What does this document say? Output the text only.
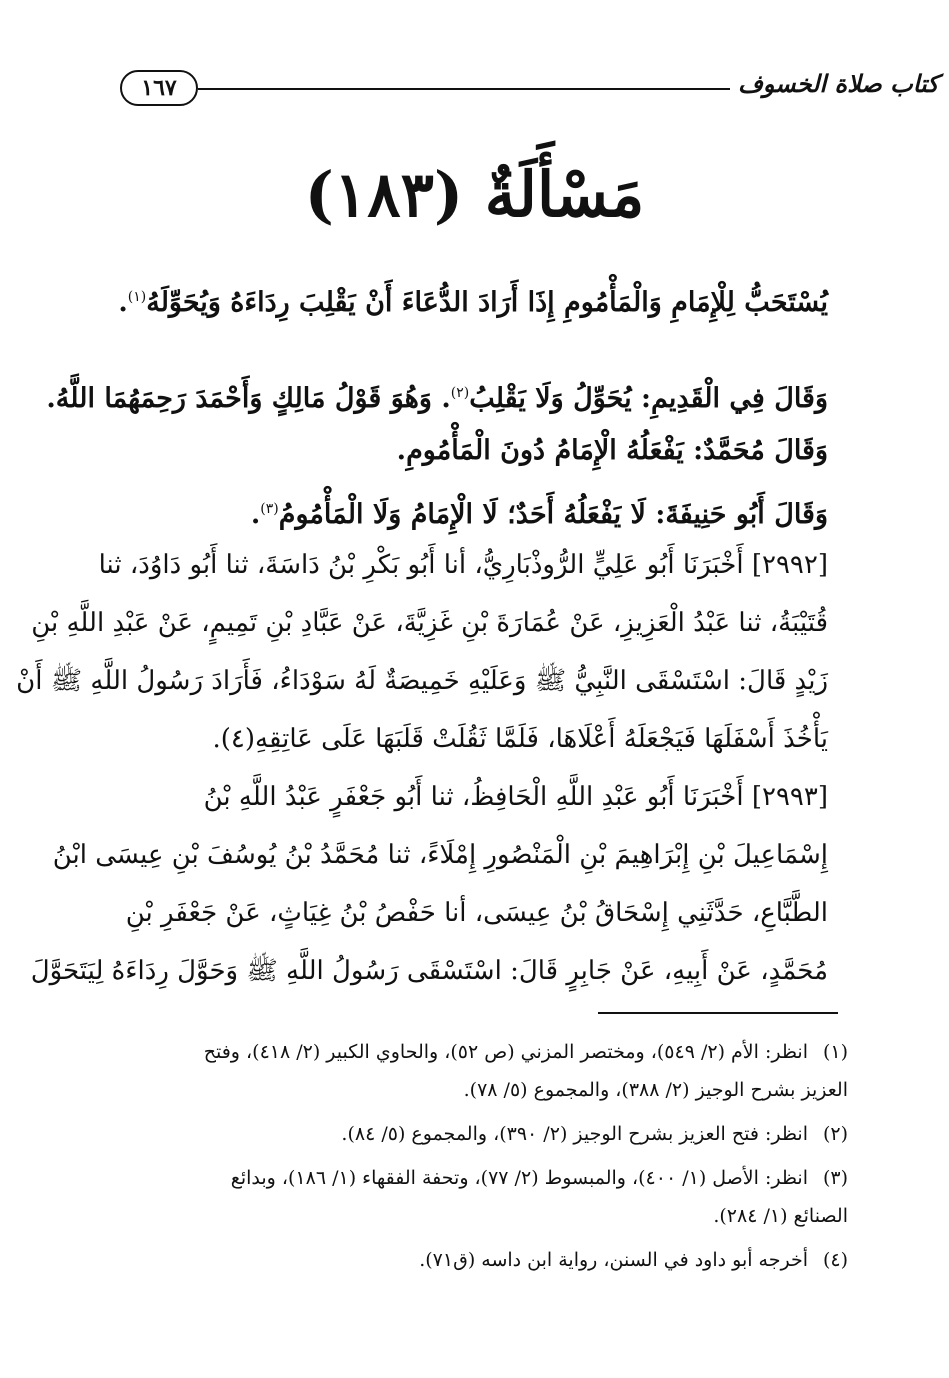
١٦٧	كتاب صلاة الخسوف
مَسْأَلَةٌ (١٨٣)
يُسْتَحَبُّ لِلْإِمَامِ وَالْمَأْمُومِ إِذَا أَرَادَ الدُّعَاءَ أَنْ يَقْلِبَ رِدَاءَهُ وَيُحَوِّلَهُ$^{(١)}$.
وَقَالَ فِي الْقَدِيمِ: يُحَوِّلُ وَلَا يَقْلِبُ$^{(٢)}$. وَهُوَ قَوْلُ مَالِكٍ وَأَحْمَدَ رَحِمَهُمَا اللَّهُ.
وَقَالَ مُحَمَّدٌ: يَفْعَلُهُ الْإِمَامُ دُونَ الْمَأْمُومِ.
وَقَالَ أَبُو حَنِيفَةَ: لَا يَفْعَلُهُ أَحَدٌ؛ لَا الْإِمَامُ وَلَا الْمَأْمُومُ$^{(٣)}$.
[٢٩٩٢] أَخْبَرَنَا أَبُو عَلِيٍّ الرُّوذْبَارِيُّ، أنا أَبُو بَكْرِ بْنُ دَاسَةَ، ثنا أَبُو دَاوُدَ، ثنا
قُتَيْبَةُ، ثنا عَبْدُ الْعَزِيزِ، عَنْ عُمَارَةَ بْنِ غَزِيَّةَ، عَنْ عَبَّادِ بْنِ تَمِيمٍ، عَنْ عَبْدِ اللَّهِ بْنِ
زَيْدٍ قَالَ: اسْتَسْقَى النَّبِيُّ ﷺ وَعَلَيْهِ خَمِيصَةٌ لَهُ سَوْدَاءُ، فَأَرَادَ رَسُولُ اللَّهِ ﷺ أَنْ
يَأْخُذَ أَسْفَلَهَا فَيَجْعَلَهُ أَعْلَاهَا، فَلَمَّا ثَقُلَتْ قَلَبَهَا عَلَى عَاتِقِهِ(٤).
[٢٩٩٣] أَخْبَرَنَا أَبُو عَبْدِ اللَّهِ الْحَافِظُ، ثنا أَبُو جَعْفَرٍ عَبْدُ اللَّهِ بْنُ
إِسْمَاعِيلَ بْنِ إِبْرَاهِيمَ بْنِ الْمَنْصُورِ إِمْلَاءً، ثنا مُحَمَّدُ بْنُ يُوسُفَ بْنِ عِيسَى ابْنُ
الطَّبَّاعِ، حَدَّثَنِي إِسْحَاقُ بْنُ عِيسَى، أنا حَفْصُ بْنُ غِيَاثٍ، عَنْ جَعْفَرِ بْنِ
مُحَمَّدٍ، عَنْ أَبِيهِ، عَنْ جَابِرٍ قَالَ: اسْتَسْقَى رَسُولُ اللَّهِ ﷺ وَحَوَّلَ رِدَاءَهُ لِيَتَحَوَّلَ
(١)انظر: الأم (٢/ ٥٤٩)، ومختصر المزني (ص ٥٢)، والحاوي الكبير (٢/ ٤١٨)، وفتح
العزيز بشرح الوجيز (٢/ ٣٨٨)، والمجموع (٥/ ٧٨).
(٢)انظر: فتح العزيز بشرح الوجيز (٢/ ٣٩٠)، والمجموع (٥/ ٨٤).
(٣)انظر: الأصل (١/ ٤٠٠)، والمبسوط (٢/ ٧٧)، وتحفة الفقهاء (١/ ١٨٦)، وبدائع
الصنائع (١/ ٢٨٤).
(٤)أخرجه أبو داود في السنن، رواية ابن داسه (ق٧١).
